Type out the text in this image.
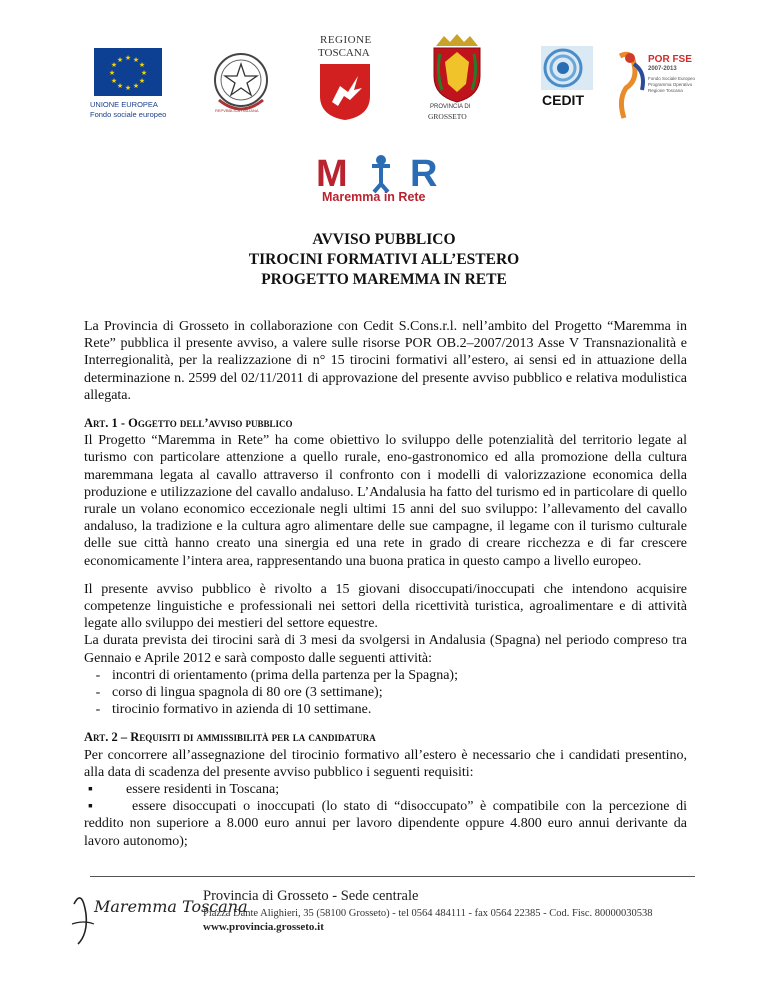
★ ★
★
★
★
★
★
★
★
★
★
★
UNIONE EUROPEA
Fondo sociale europeo	REPVBBLICA ITALIANA
REGIONE
TOSCANA
PROVINCIA DI
GROSSETO
CEDIT
POR FSE
2007-2013
Fondo Sociale Europeo
Programma Operativo
Regione Toscana
M R
Maremma in Rete
AVVISO PUBBLICO
TIROCINI FORMATIVI ALL’ESTERO
PROGETTO MAREMMA IN RETE

La Provincia di Grosseto in collaborazione con Cedit S.Cons.r.l. nell’ambito del Progetto “Maremma in Rete” pubblica il presente avviso, a valere sulle risorse POR OB.2–2007/2013 Asse V Transnazionalità e Interregionalità, per la realizzazione di n° 15 tirocini formativi all’estero, ai sensi ed in attuazione della determinazione n. 2599 del 02/11/2011 di approvazione del presente avviso pubblico e relativa modulistica allegata.

Art. 1 - Oggetto dell’avviso pubblico

Il Progetto “Maremma in Rete” ha come obiettivo lo sviluppo delle potenzialità del territorio legate al turismo con particolare attenzione a quello rurale, eno-gastronomico ed alla promozione della cultura maremmana legata al cavallo attraverso il confronto con i modelli di valorizzazione economica della produzione e utilizzazione del cavallo andaluso. L’Andalusia ha fatto del turismo ed in particolare di quello rurale un volano economico eccezionale negli ultimi 15 anni del suo sviluppo: l’allevamento del cavallo andaluso, la tradizione e la cultura agro alimentare delle sue campagne, il legame con il turismo culturale delle sue città hanno creato una sinergia ed una rete in grado di creare ricchezza e di far crescere economicamente l’intera area, rappresentando una buona pratica in questo campo a livello europeo.

Il presente avviso pubblico è rivolto a 15 giovani disoccupati/inoccupati che intendono acquisire competenze linguistiche e professionali nei settori della ricettività turistica, agroalimentare e di attività legate allo sviluppo dei mestieri del settore equestre.

La durata prevista dei tirocini sarà di 3 mesi da svolgersi in Andalusia (Spagna) nel periodo compreso tra Gennaio e Aprile 2012 e sarà composto dalle seguenti attività:

- incontri di orientamento (prima della partenza per la Spagna);
- corso di lingua spagnola di 80 ore (3 settimane);
- tirocinio formativo in azienda di 10 settimane.

Art. 2 – Requisiti di ammissibilità per la candidatura

Per concorrere all’assegnazione del tirocinio formativo all’estero è necessario che i candidati presentino, alla data di scadenza del presente avviso pubblico i seguenti requisiti:

▪	essere residenti in Toscana;

▪	essere disoccupati o inoccupati (lo stato di “disoccupato” è compatibile con la percezione di reddito non superiore a 8.000 euro annui per lavoro dipendente oppure 4.800 euro annui derivante da lavoro autonomo);

Maremma Toscana
Provincia di Grosseto - Sede centrale
Piazza Dante Alighieri, 35 (58100 Grosseto) - tel 0564 484111 - fax 0564 22385 - Cod. Fisc. 80000030538
www.provincia.grosseto.it
